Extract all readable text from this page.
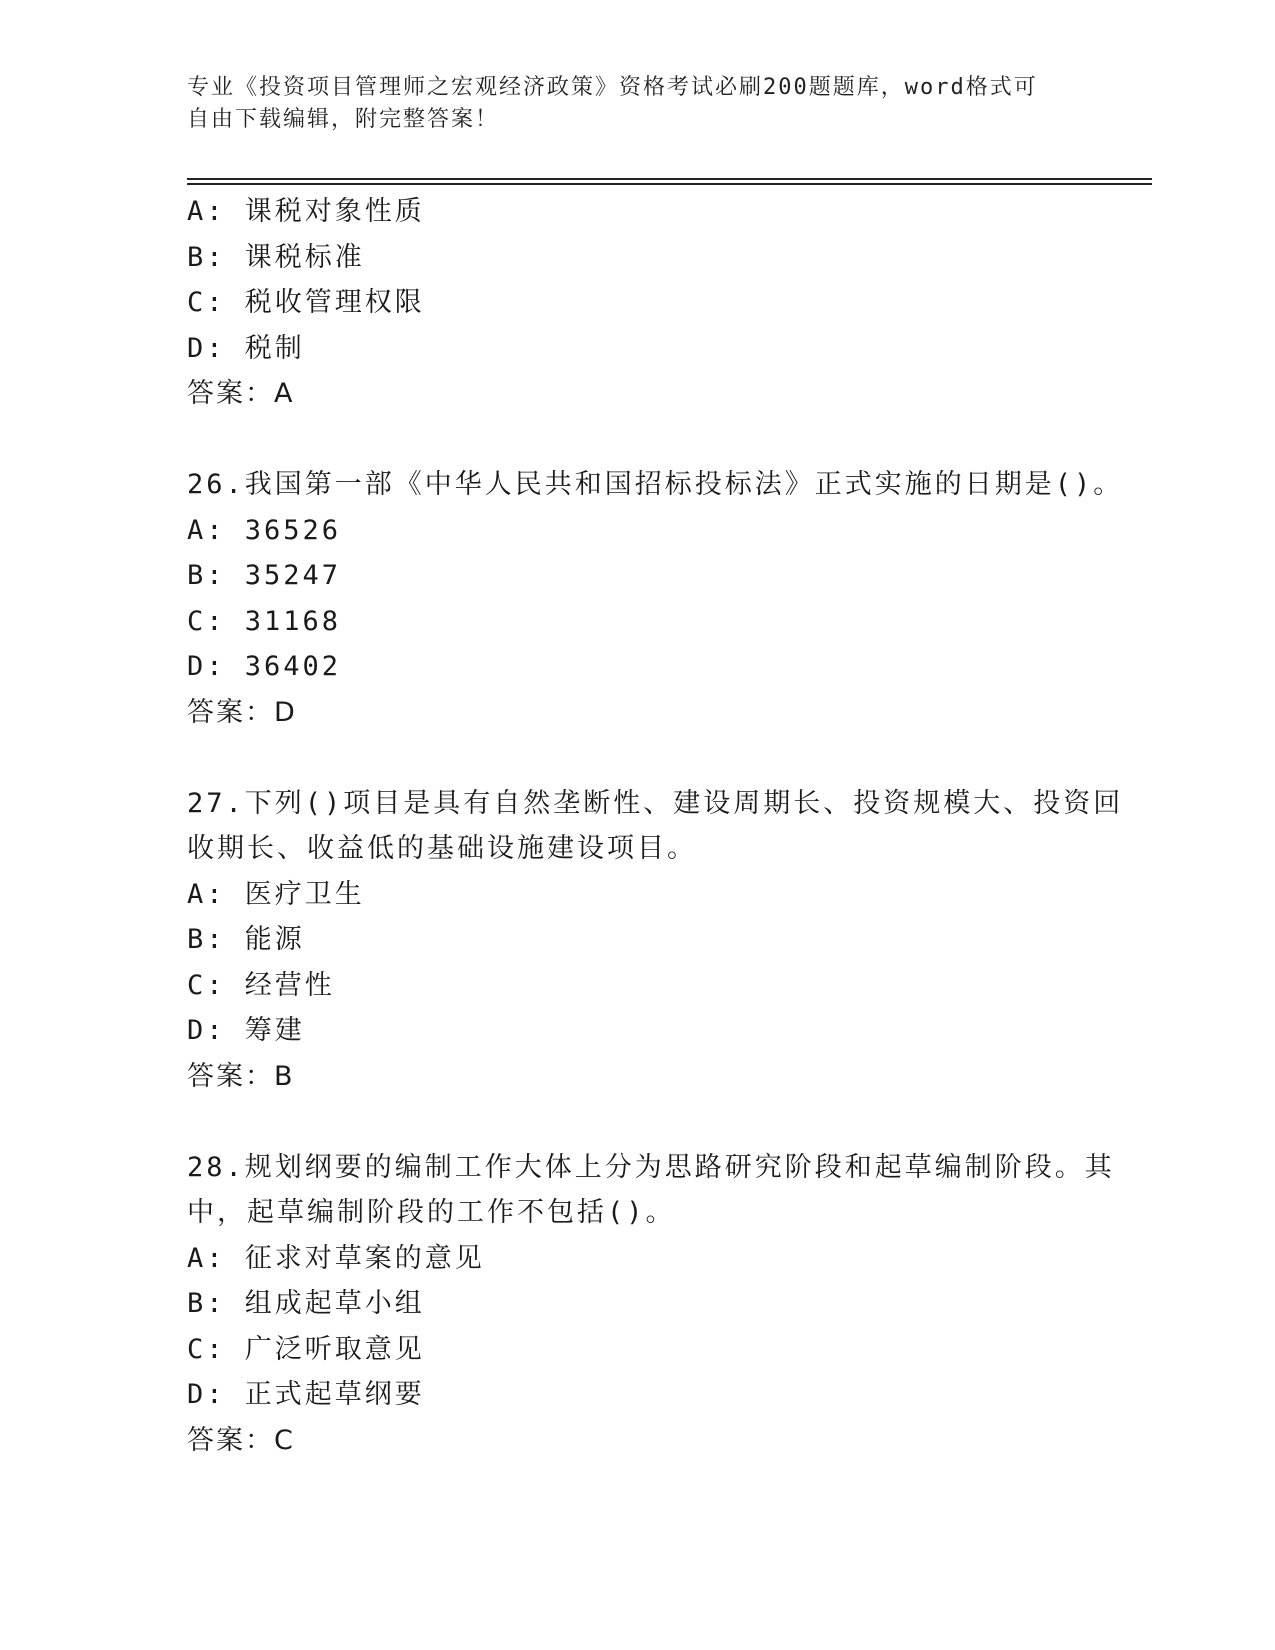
专业《投资项目管理师之宏观经济政策》资格考试必刷200题题库，word格式可
自由下载编辑，附完整答案！
A: 课税对象性质
B: 课税标准
C: 税收管理权限
D: 税制
答案：A
26.我国第一部《中华人民共和国招标投标法》正式实施的日期是()。
A: 36526
B: 35247
C: 31168
D: 36402
答案：D
27.下列()项目是具有自然垄断性、建设周期长、投资规模大、投资回
收期长、收益低的基础设施建设项目。
A: 医疗卫生
B: 能源
C: 经营性
D: 筹建
答案：B
28.规划纲要的编制工作大体上分为思路研究阶段和起草编制阶段。其
中，起草编制阶段的工作不包括()。
A: 征求对草案的意见
B: 组成起草小组
C: 广泛听取意见
D: 正式起草纲要
答案：C
